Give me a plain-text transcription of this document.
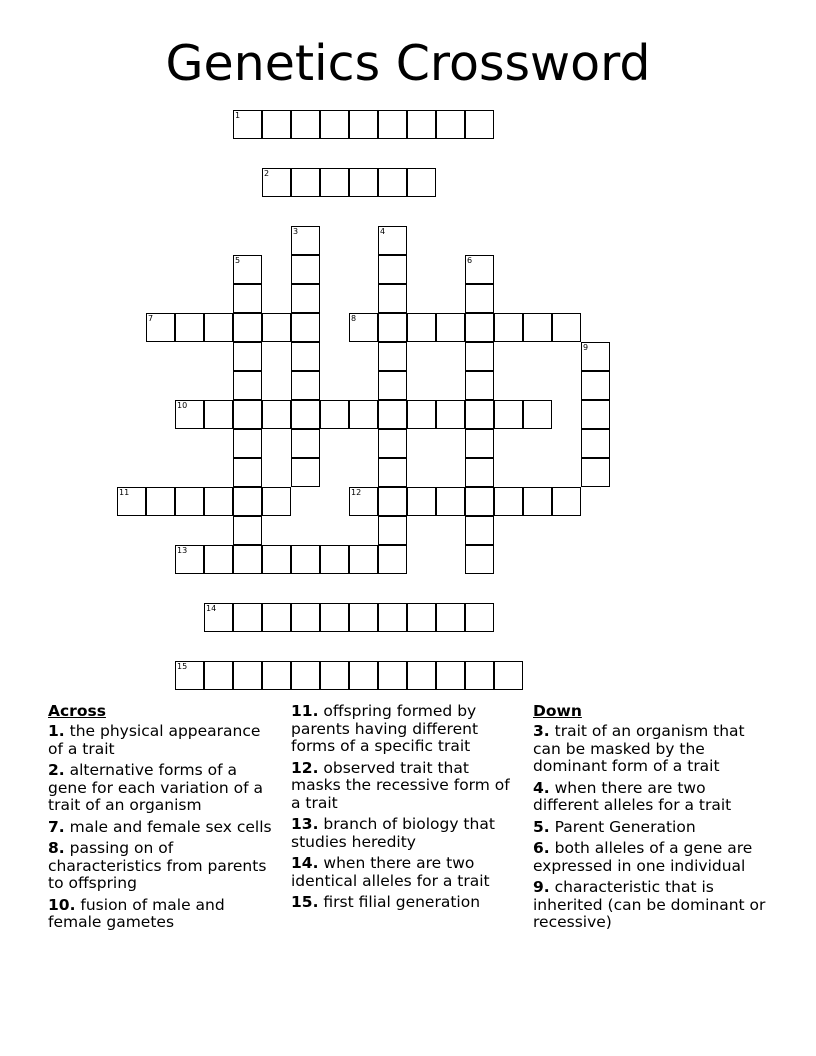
Genetics Crossword
1
2
3	4
5	6
7	8
9
10
11	12
13
14
15
Across
1. the physical appearance of a trait
2. alternative forms of a gene for each variation of a trait of an organism
7. male and female sex cells
8. passing on of characteristics from parents to offspring
10. fusion of male and female gametes
11. offspring formed by parents having different forms of a specific trait
12. observed trait that masks the recessive form of a trait
13. branch of biology that studies heredity
14. when there are two identical alleles for a trait
15. first filial generation
Down
3. trait of an organism that can be masked by the dominant form of a trait
4. when there are two different alleles for a trait
5. Parent Generation
6. both alleles of a gene are expressed in one individual
9. characteristic that is inherited (can be dominant or recessive)
